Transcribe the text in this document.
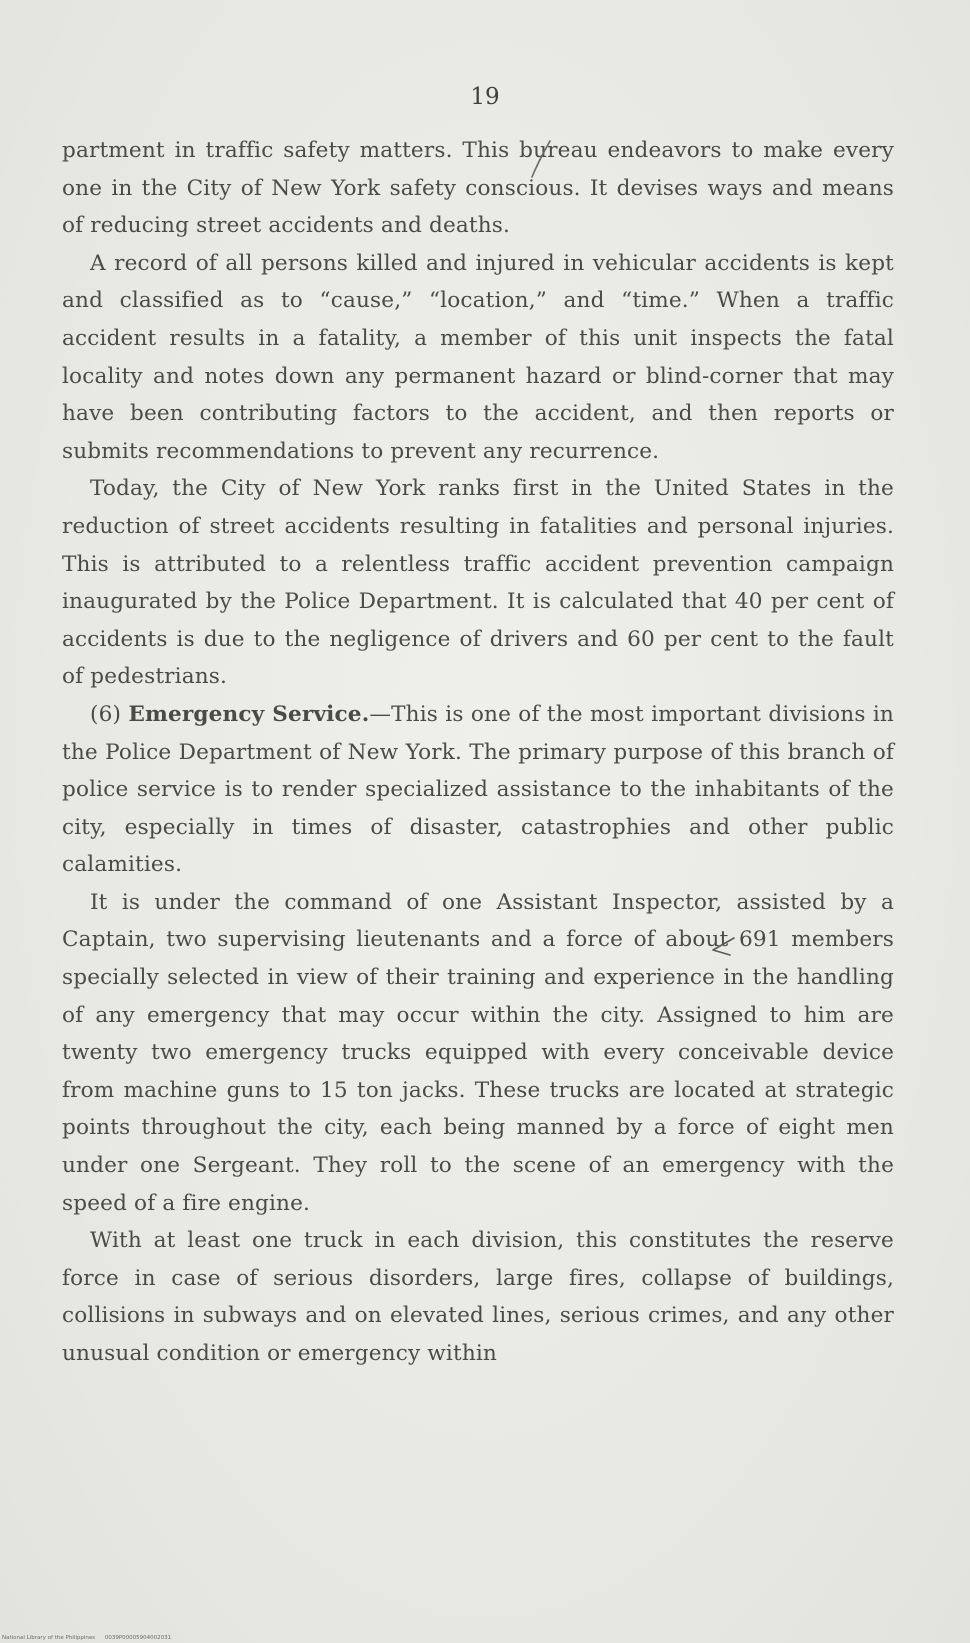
19

partment in traffic safety matters. This bureau endeavors to make every one in the City of New York safety conscious. It devises ways and means of reducing street accidents and deaths.

A record of all persons killed and injured in vehicular accidents is kept and classified as to “cause,” “location,” and “time.” When a traffic accident results in a fatality, a member of this unit inspects the fatal locality and notes down any permanent hazard or blind-corner that may have been contributing factors to the accident, and then reports or submits recommendations to prevent any recurrence.

Today, the City of New York ranks first in the United States in the reduction of street accidents resulting in fatalities and personal injuries. This is attributed to a relentless traffic accident prevention campaign inaugurated by the Police Department. It is calculated that 40 per cent of accidents is due to the negligence of drivers and 60 per cent to the fault of pedestrians.

(6) Emergency Service.—This is one of the most important divisions in the Police Department of New York. The primary purpose of this branch of police service is to render specialized assistance to the inhabitants of the city, especially in times of disaster, catastrophies and other public calamities.

It is under the command of one Assistant Inspector, assisted by a Captain, two supervising lieutenants and a force of about 691 members specially selected in view of their training and experience in the handling of any emergency that may occur within the city. Assigned to him are twenty two emergency trucks equipped with every conceivable device from machine guns to 15 ton jacks. These trucks are located at strategic points throughout the city, each being manned by a force of eight men under one Sergeant. They roll to the scene of an emergency with the speed of a fire engine.

With at least one truck in each division, this constitutes the reserve force in case of serious disorders, large fires, collapse of buildings, collisions in subways and on elevated lines, serious crimes, and any other unusual condition or emergency within

National Library of the Philippines 0039P00005904002031
